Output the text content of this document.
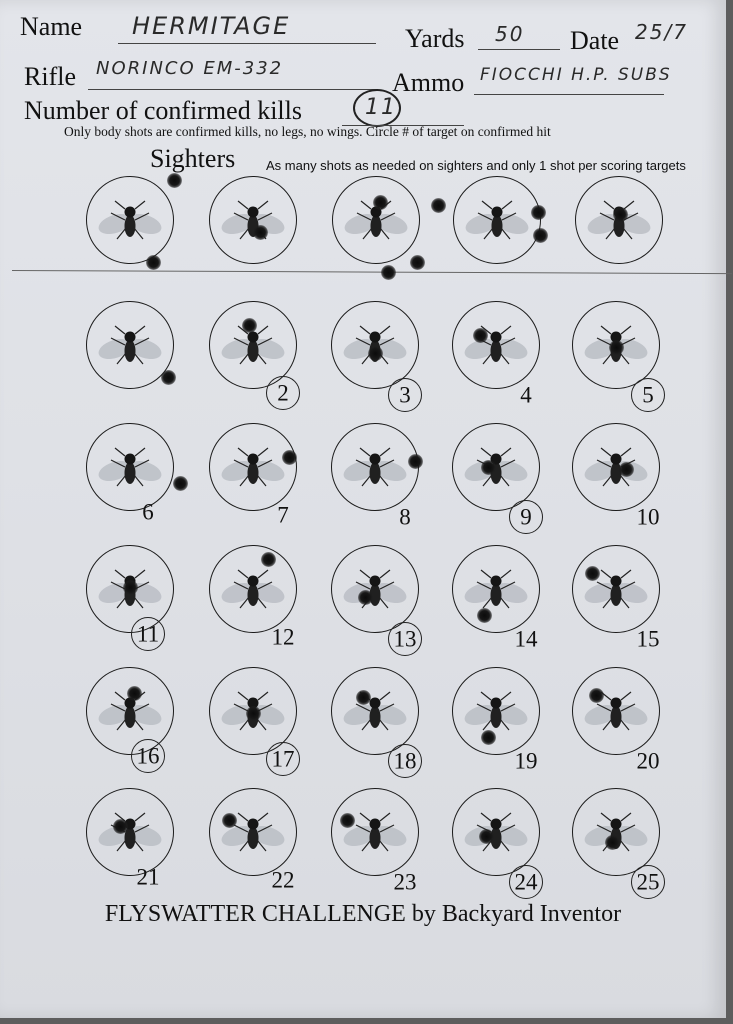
Name HERMITAGE	Yards 50 Date 25/7
Rifle NORINCO EM-332	Ammo FIOCCHI H.P. SUBS
Number of confirmed kills	11
Only body shots are confirmed kills, no legs, no wings. Circle # of target on confirmed hit
Sighters As many shots as needed on sighters and only 1 shot per scoring targets
2	3	4	5
6	7	8	9	10
11	12	13	14	15
16	17	18	19	20
21	22	23	24	25
FLYSWATTER CHALLENGE by Backyard Inventor
